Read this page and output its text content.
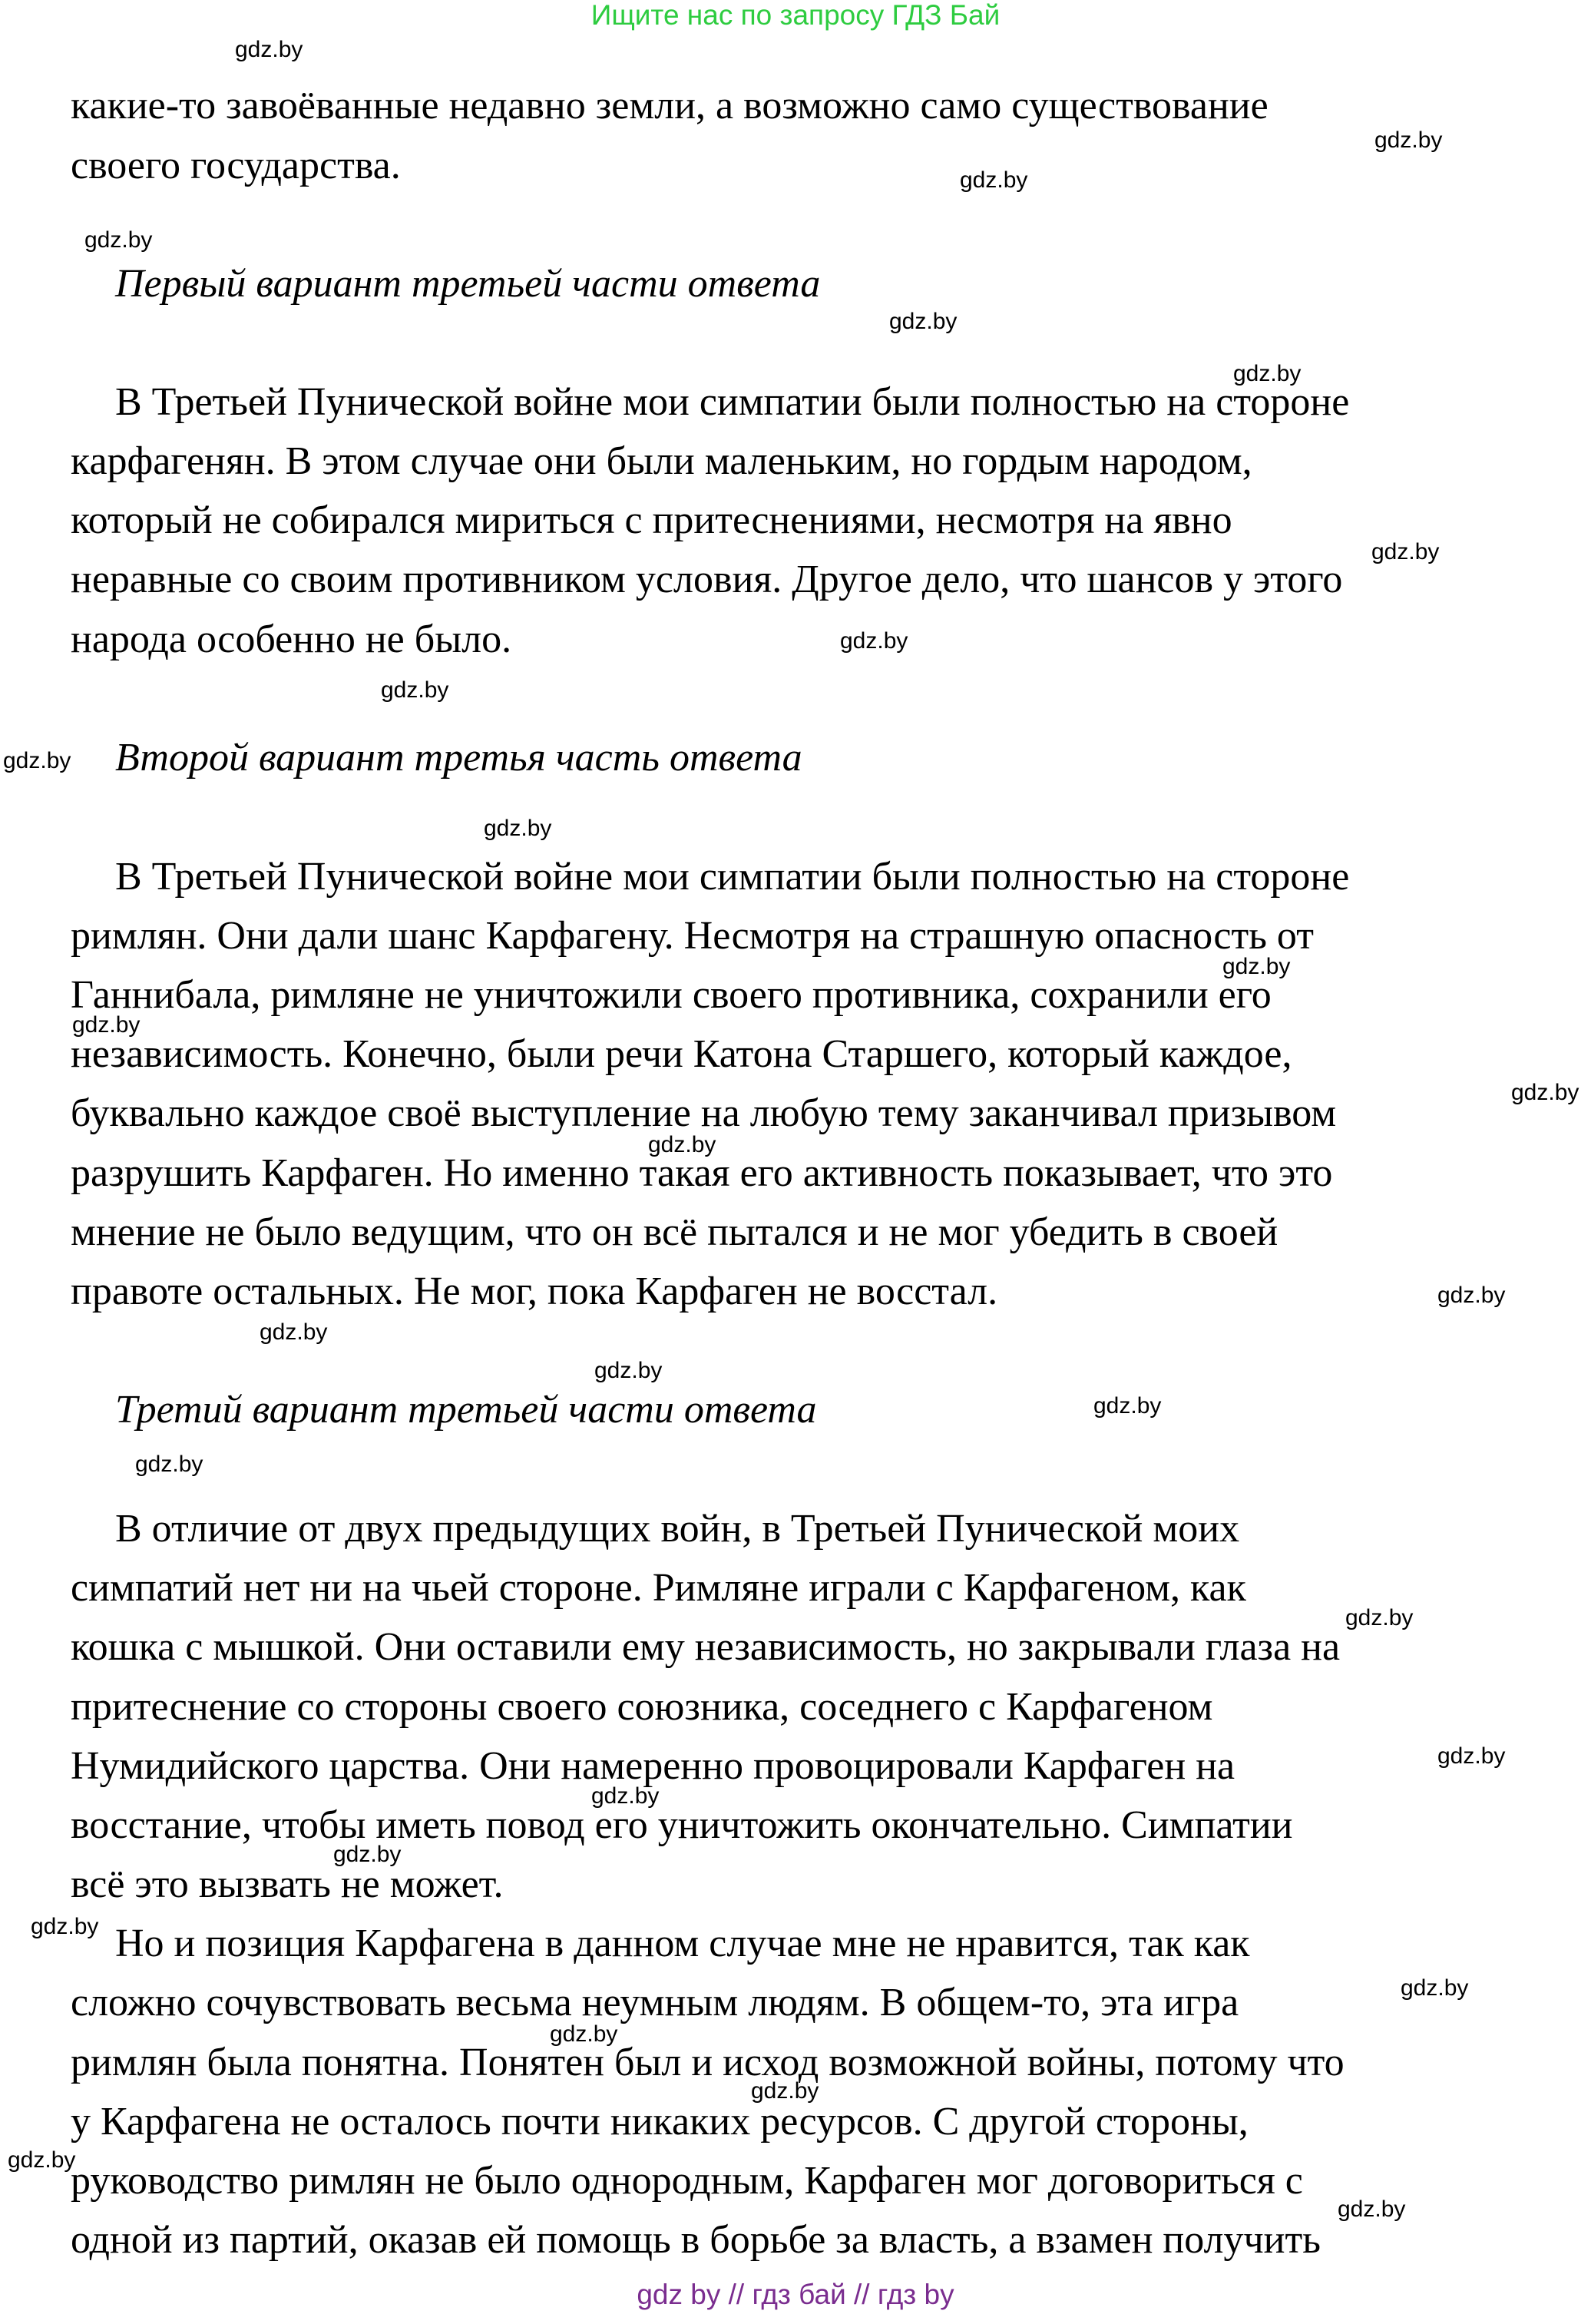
Ищите нас по запросу ГДЗ Бай
какие-то завоёванные недавно земли, а возможно само существование
своего государства.
Первый вариант третьей части ответа
В Третьей Пунической войне мои симпатии были полностью на стороне
карфагенян. В этом случае они были маленьким, но гордым народом,
который не собирался мириться с притеснениями, несмотря на явно
неравные со своим противником условия. Другое дело, что шансов у этого
народа особенно не было.
Второй вариант третья часть ответа
В Третьей Пунической войне мои симпатии были полностью на стороне
римлян. Они дали шанс Карфагену. Несмотря на страшную опасность от
Ганнибала, римляне не уничтожили своего противника, сохранили его
независимость. Конечно, были речи Катона Старшего, который каждое,
буквально каждое своё выступление на любую тему заканчивал призывом
разрушить Карфаген. Но именно такая его активность показывает, что это
мнение не было ведущим, что он всё пытался и не мог убедить в своей
правоте остальных. Не мог, пока Карфаген не восстал.
Третий вариант третьей части ответа
В отличие от двух предыдущих войн, в Третьей Пунической моих
симпатий нет ни на чьей стороне. Римляне играли с Карфагеном, как
кошка с мышкой. Они оставили ему независимость, но закрывали глаза на
притеснение со стороны своего союзника, соседнего с Карфагеном
Нумидийского царства. Они намеренно провоцировали Карфаген на
восстание, чтобы иметь повод его уничтожить окончательно. Симпатии
всё это вызвать не может.
Но и позиция Карфагена в данном случае мне не нравится, так как
сложно сочувствовать весьма неумным людям. В общем-то, эта игра
римлян была понятна. Понятен был и исход возможной войны, потому что
у Карфагена не осталось почти никаких ресурсов. С другой стороны,
руководство римлян не было однородным, Карфаген мог договориться с
одной из партий, оказав ей помощь в борьбе за власть, а взамен получить
gdz.by
gdz.by
gdz.by
gdz.by
gdz.by
gdz.by
gdz.by
gdz.by
gdz.by
gdz.by
gdz.by
gdz.by
gdz.by
gdz.by
gdz.by
gdz.by
gdz.by
gdz.by
gdz.by
gdz.by
gdz.by
gdz.by
gdz.by
gdz.by
gdz.by
gdz.by
gdz.by
gdz.by
gdz.by
gdz.by
gdz by // гдз бай // гдз by
